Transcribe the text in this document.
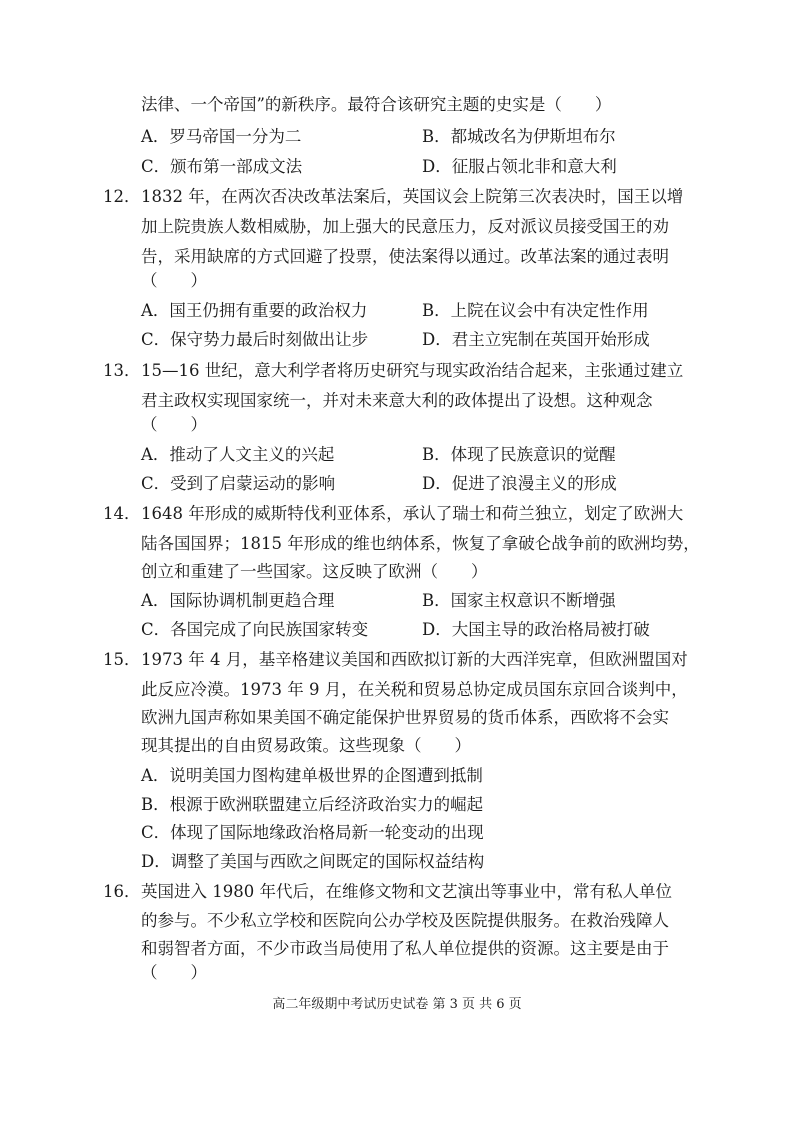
法律、一个帝国”的新秩序。最符合该研究主题的史实是（　　）
A．罗马帝国一分为二	B．都城改名为伊斯坦布尔
C．颁布第一部成文法	D．征服占领北非和意大利
12． 1832 年，在两次否决改革法案后，英国议会上院第三次表决时，国王以增
加上院贵族人数相威胁，加上强大的民意压力，反对派议员接受国王的劝
告，采用缺席的方式回避了投票，使法案得以通过。改革法案的通过表明
（　　）
A．国王仍拥有重要的政治权力	B．上院在议会中有决定性作用
C．保守势力最后时刻做出让步	D．君主立宪制在英国开始形成
13． 15—16 世纪，意大利学者将历史研究与现实政治结合起来，主张通过建立
君主政权实现国家统一，并对未来意大利的政体提出了设想。这种观念
（　　）
A．推动了人文主义的兴起	B．体现了民族意识的觉醒
C．受到了启蒙运动的影响	D．促进了浪漫主义的形成
14． 1648 年形成的威斯特伐利亚体系，承认了瑞士和荷兰独立，划定了欧洲大
陆各国国界；1815 年形成的维也纳体系，恢复了拿破仑战争前的欧洲均势，
创立和重建了一些国家。这反映了欧洲（　　）
A．国际协调机制更趋合理	B．国家主权意识不断增强
C．各国完成了向民族国家转变	D．大国主导的政治格局被打破
15． 1973 年 4 月，基辛格建议美国和西欧拟订新的大西洋宪章，但欧洲盟国对
此反应冷漠。1973 年 9 月，在关税和贸易总协定成员国东京回合谈判中，
欧洲九国声称如果美国不确定能保护世界贸易的货币体系，西欧将不会实
现其提出的自由贸易政策。这些现象（　　）
A．说明美国力图构建单极世界的企图遭到抵制
B．根源于欧洲联盟建立后经济政治实力的崛起
C．体现了国际地缘政治格局新一轮变动的出现
D．调整了美国与西欧之间既定的国际权益结构
16． 英国进入 1980 年代后，在维修文物和文艺演出等事业中，常有私人单位
的参与。不少私立学校和医院向公办学校及医院提供服务。在救治残障人
和弱智者方面，不少市政当局使用了私人单位提供的资源。这主要是由于
（　　）
高二年级期中考试历史试卷 第 3 页 共 6 页
